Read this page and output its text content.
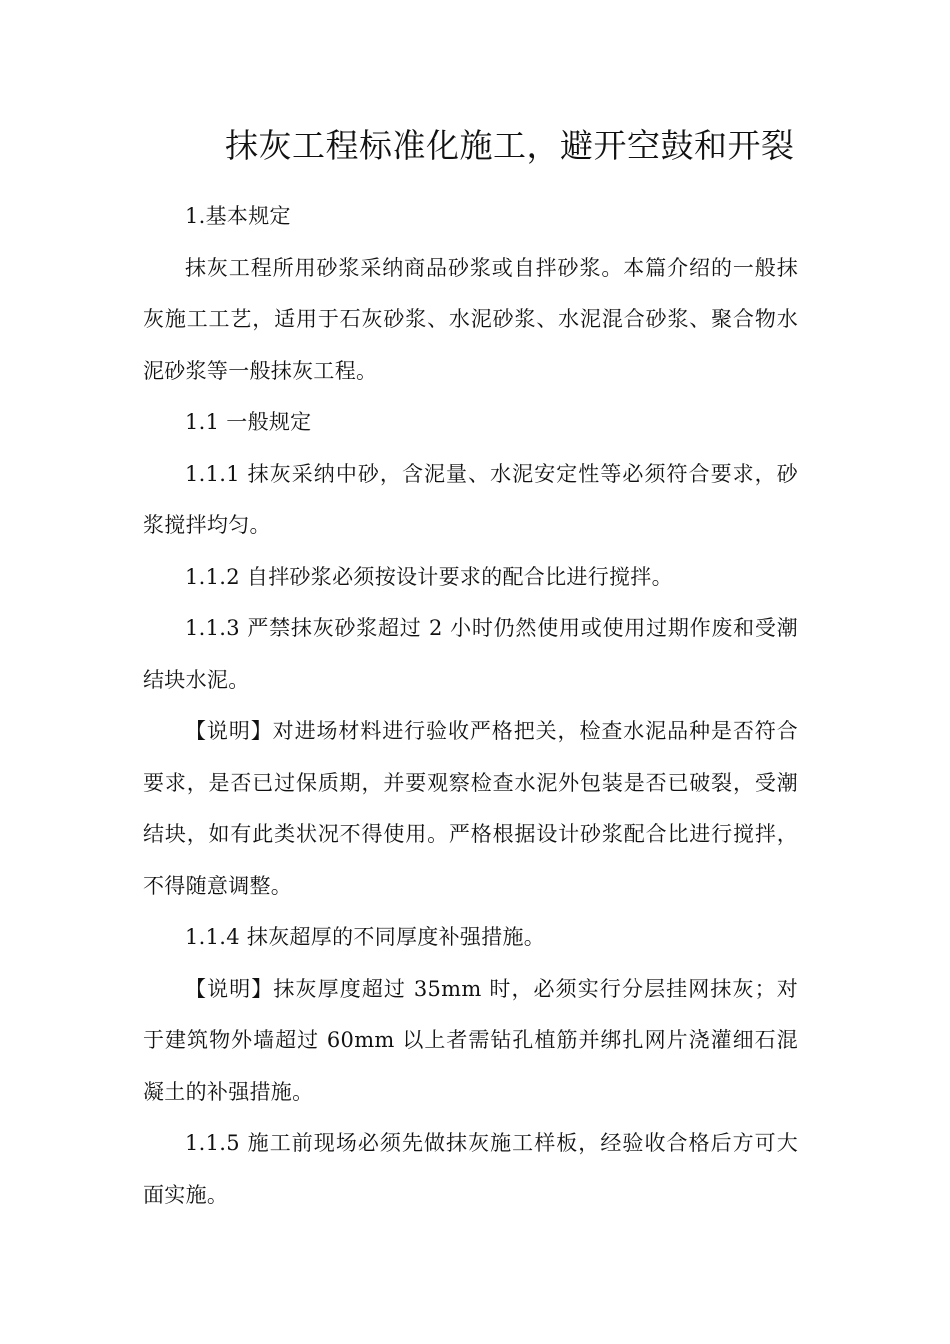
抹灰工程标准化施工，避开空鼓和开裂

1.基本规定

抹灰工程所用砂浆采纳商品砂浆或自拌砂浆。本篇介绍的一般抹灰施工工艺，适用于石灰砂浆、水泥砂浆、水泥混合砂浆、聚合物水泥砂浆等一般抹灰工程。

1.1 一般规定

1.1.1 抹灰采纳中砂，含泥量、水泥安定性等必须符合要求，砂浆搅拌均匀。

1.1.2 自拌砂浆必须按设计要求的配合比进行搅拌。

1.1.3 严禁抹灰砂浆超过 2 小时仍然使用或使用过期作废和受潮结块水泥。

【说明】对进场材料进行验收严格把关，检查水泥品种是否符合要求，是否已过保质期，并要观察检查水泥外包装是否已破裂，受潮结块，如有此类状况不得使用。严格根据设计砂浆配合比进行搅拌，不得随意调整。

1.1.4 抹灰超厚的不同厚度补强措施。

【说明】抹灰厚度超过 35mm 时，必须实行分层挂网抹灰；对于建筑物外墙超过 60mm 以上者需钻孔植筋并绑扎网片浇灌细石混凝土的补强措施。

1.1.5 施工前现场必须先做抹灰施工样板，经验收合格后方可大面实施。
